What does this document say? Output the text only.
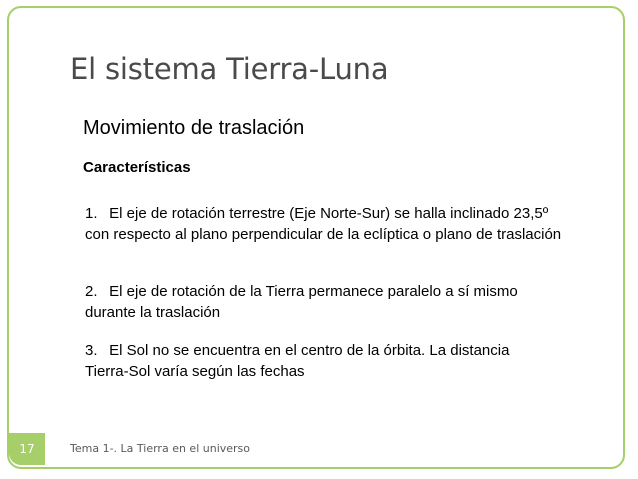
El sistema Tierra-Luna
Movimiento de traslación
Características
1. El eje de rotación terrestre (Eje Norte-Sur) se halla inclinado 23,5º
con respecto al plano perpendicular de la eclíptica o plano de traslación
2. El eje de rotación de la Tierra permanece paralelo a sí mismo
durante la traslación
3. El Sol no se encuentra en el centro de la órbita. La distancia
Tierra-Sol varía según las fechas
17	Tema 1-. La Tierra en el universo
